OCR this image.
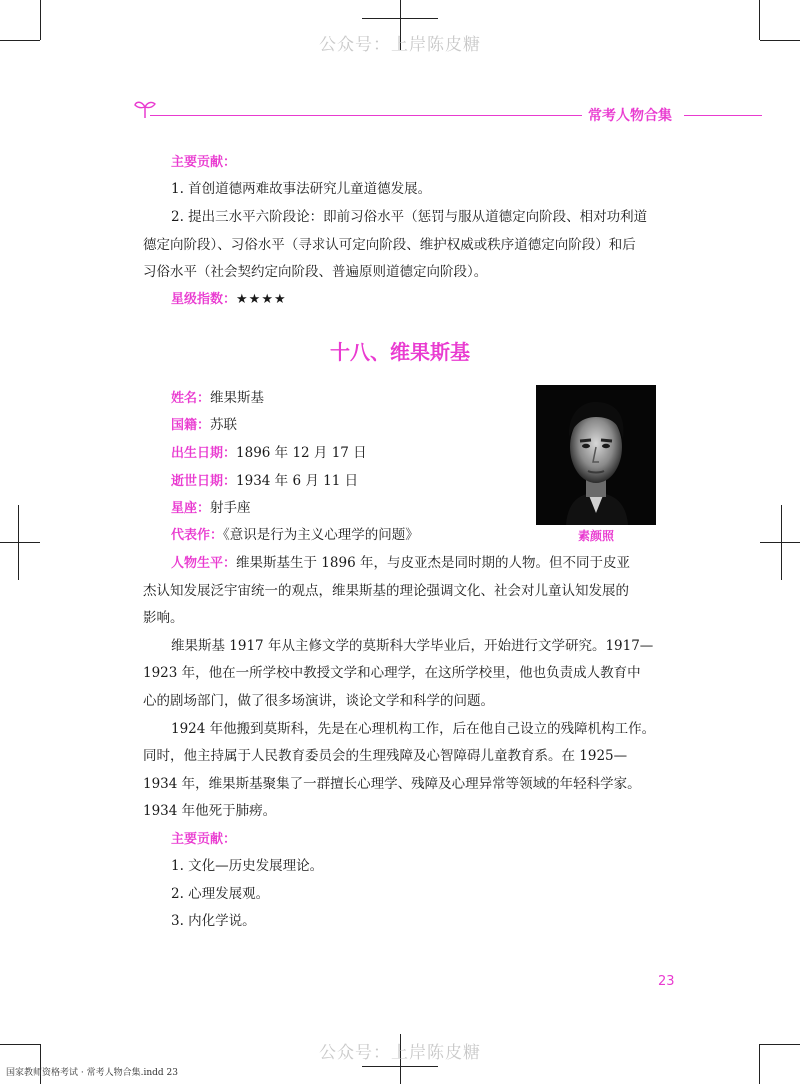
公众号：上岸陈皮糖
公众号：上岸陈皮糖
常考人物合集
主要贡献：
1. 首创道德两难故事法研究儿童道德发展。
2. 提出三水平六阶段论：即前习俗水平（惩罚与服从道德定向阶段、相对功利道
德定向阶段）、习俗水平（寻求认可定向阶段、维护权威或秩序道德定向阶段）和后
习俗水平（社会契约定向阶段、普遍原则道德定向阶段）。
星级指数：★★★★
十八、维果斯基
姓名：维果斯基
国籍：苏联
出生日期：1896 年 12 月 17 日
逝世日期：1934 年 6 月 11 日
星座：射手座
代表作：《意识是行为主义心理学的问题》	素颜照
人物生平：维果斯基生于 1896 年，与皮亚杰是同时期的人物。但不同于皮亚
杰认知发展泛宇宙统一的观点，维果斯基的理论强调文化、社会对儿童认知发展的
影响。
维果斯基 1917 年从主修文学的莫斯科大学毕业后，开始进行文学研究。1917—
1923 年，他在一所学校中教授文学和心理学，在这所学校里，他也负责成人教育中
心的剧场部门，做了很多场演讲，谈论文学和科学的问题。
1924 年他搬到莫斯科，先是在心理机构工作，后在他自己设立的残障机构工作。
同时，他主持属于人民教育委员会的生理残障及心智障碍儿童教育系。在 1925—
1934 年，维果斯基聚集了一群擅长心理学、残障及心理异常等领域的年轻科学家。
1934 年他死于肺痨。
主要贡献：
1. 文化—历史发展理论。
2. 心理发展观。
3. 内化学说。
23
国家教师资格考试 · 常考人物合集.indd 23
